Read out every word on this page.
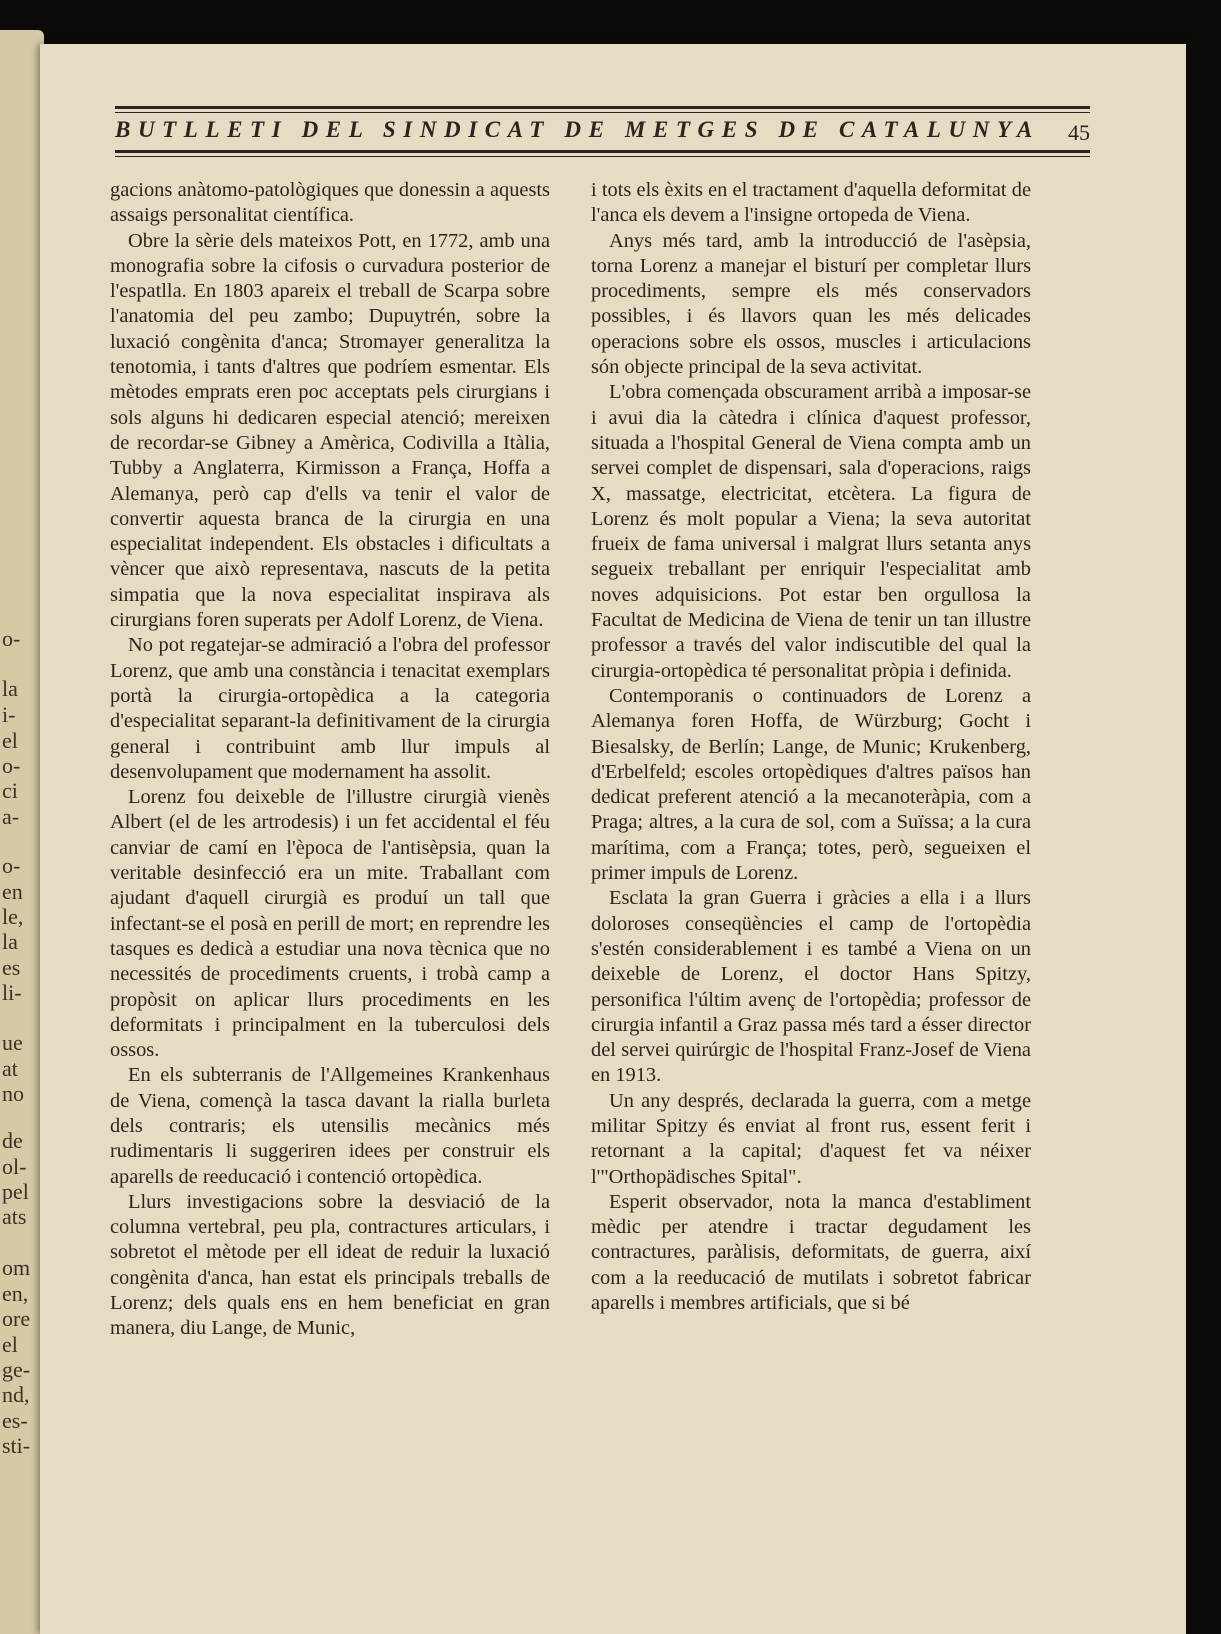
o-
la
i-
el
o-
ci
a-
o-
en
le,
la
es
li-
ue
at
no
de
ol-
pel
ats
om
en,
ore
el
ge-
nd,
es-
sti-
BUTLLETI DEL SINDICAT DE METGES DE CATALUNYA 45

gacions anàtomo-patològiques que donessin a aquests assaigs personalitat científica.

Obre la sèrie dels mateixos Pott, en 1772, amb una monografia sobre la cifosis o curvadura posterior de l'espatlla. En 1803 apareix el treball de Scarpa sobre l'anatomia del peu zambo; Dupuytrén, sobre la luxació congènita d'anca; Stromayer generalitza la tenotomia, i tants d'altres que podríem esmentar. Els mètodes emprats eren poc acceptats pels cirurgians i sols alguns hi dedicaren especial atenció; mereixen de recordar-se Gibney a Amèrica, Codivilla a Itàlia, Tubby a Anglaterra, Kirmisson a França, Hoffa a Alemanya, però cap d'ells va tenir el valor de convertir aquesta branca de la cirurgia en una especialitat independent. Els obstacles i dificultats a vèncer que això representava, nascuts de la petita simpatia que la nova especialitat inspirava als cirurgians foren superats per Adolf Lorenz, de Viena.

No pot regatejar-se admiració a l'obra del professor Lorenz, que amb una constància i tenacitat exemplars portà la cirurgia-ortopèdica a la categoria d'especialitat separant-la definitivament de la cirurgia general i contribuint amb llur impuls al desenvolupament que modernament ha assolit.

Lorenz fou deixeble de l'illustre cirurgià vienès Albert (el de les artrodesis) i un fet accidental el féu canviar de camí en l'època de l'antisèpsia, quan la veritable desinfecció era un mite. Traballant com ajudant d'aquell cirurgià es produí un tall que infectant-se el posà en perill de mort; en reprendre les tasques es dedicà a estudiar una nova tècnica que no necessités de procediments cruents, i trobà camp a propòsit on aplicar llurs procediments en les deformitats i principalment en la tuberculosi dels ossos.

En els subterranis de l'Allgemeines Krankenhaus de Viena, començà la tasca davant la rialla burleta dels contraris; els utensilis mecànics més rudimentaris li suggeriren idees per construir els aparells de reeducació i contenció ortopèdica.

Llurs investigacions sobre la desviació de la columna vertebral, peu pla, contractures articulars, i sobretot el mètode per ell ideat de reduir la luxació congènita d'anca, han estat els principals treballs de Lorenz; dels quals ens en hem beneficiat en gran manera, diu Lange, de Munic,

i tots els èxits en el tractament d'aquella deformitat de l'anca els devem a l'insigne ortopeda de Viena.

Anys més tard, amb la introducció de l'asèpsia, torna Lorenz a manejar el bisturí per completar llurs procediments, sempre els més conservadors possibles, i és llavors quan les més delicades operacions sobre els ossos, muscles i articulacions són objecte principal de la seva activitat.

L'obra començada obscurament arribà a imposar-se i avui dia la càtedra i clínica d'aquest professor, situada a l'hospital General de Viena compta amb un servei complet de dispensari, sala d'operacions, raigs X, massatge, electricitat, etcètera. La figura de Lorenz és molt popular a Viena; la seva autoritat frueix de fama universal i malgrat llurs setanta anys segueix treballant per enriquir l'especialitat amb noves adquisicions. Pot estar ben orgullosa la Facultat de Medicina de Viena de tenir un tan illustre professor a través del valor indiscutible del qual la cirurgia-ortopèdica té personalitat pròpia i definida.

Contemporanis o continuadors de Lorenz a Alemanya foren Hoffa, de Würzburg; Gocht i Biesalsky, de Berlín; Lange, de Munic; Krukenberg, d'Erbelfeld; escoles ortopèdiques d'altres països han dedicat preferent atenció a la mecanoteràpia, com a Praga; altres, a la cura de sol, com a Suïssa; a la cura marítima, com a França; totes, però, segueixen el primer impuls de Lorenz.

Esclata la gran Guerra i gràcies a ella i a llurs doloroses conseqüències el camp de l'ortopèdia s'estén considerablement i es també a Viena on un deixeble de Lorenz, el doctor Hans Spitzy, personifica l'últim avenç de l'ortopèdia; professor de cirurgia infantil a Graz passa més tard a ésser director del servei quirúrgic de l'hospital Franz-Josef de Viena en 1913.

Un any després, declarada la guerra, com a metge militar Spitzy és enviat al front rus, essent ferit i retornant a la capital; d'aquest fet va néixer l'"Orthopädisches Spital".

Esperit observador, nota la manca d'establiment mèdic per atendre i tractar degudament les contractures, paràlisis, deformitats, de guerra, així com a la reeducació de mutilats i sobretot fabricar aparells i membres artificials, que si bé
